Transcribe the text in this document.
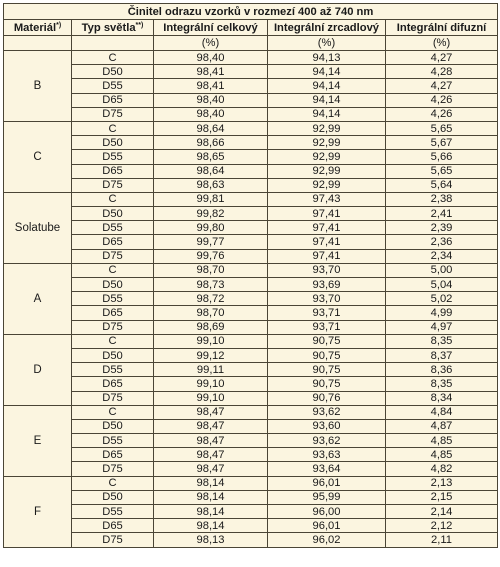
Činitel odrazu vzorků v rozmezí 400 až 740 nm				
Materiál*)	Typ světla**)	Integrální celkový	Integrální zrcadlový	Integrální difuzní
		(%)	(%)	(%)
B	C	98,40	94,13	4,27
	D50	98,41	94,14	4,28
	D55	98,41	94,14	4,27
	D65	98,40	94,14	4,26
	D75	98,40	94,14	4,26
C	C	98,64	92,99	5,65
	D50	98,66	92,99	5,67
	D55	98,65	92,99	5,66
	D65	98,64	92,99	5,65
	D75	98,63	92,99	5,64
Solatube	C	99,81	97,43	2,38
	D50	99,82	97,41	2,41
	D55	99,80	97,41	2,39
	D65	99,77	97,41	2,36
	D75	99,76	97,41	2,34
A	C	98,70	93,70	5,00
	D50	98,73	93,69	5,04
	D55	98,72	93,70	5,02
	D65	98,70	93,71	4,99
	D75	98,69	93,71	4,97
D	C	99,10	90,75	8,35
	D50	99,12	90,75	8,37
	D55	99,11	90,75	8,36
	D65	99,10	90,75	8,35
	D75	99,10	90,76	8,34
E	C	98,47	93,62	4,84
	D50	98,47	93,60	4,87
	D55	98,47	93,62	4,85
	D65	98,47	93,63	4,85
	D75	98,47	93,64	4,82
F	C	98,14	96,01	2,13
	D50	98,14	95,99	2,15
	D55	98,14	96,00	2,14
	D65	98,14	96,01	2,12
	D75	98,13	96,02	2,11
